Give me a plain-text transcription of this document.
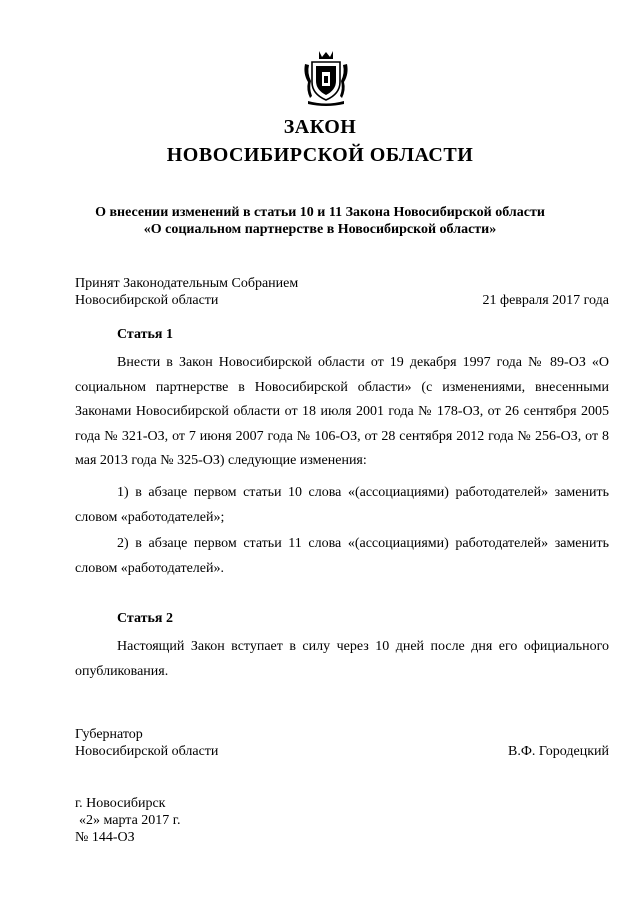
ЗАКОН
НОВОСИБИРСКОЙ ОБЛАСТИ
О внесении изменений в статьи 10 и 11 Закона Новосибирской области
«О социальном партнерстве в Новосибирской области»
Принят Законодательным Собранием
Новосибирской области	21 февраля 2017 года
Статья 1
Внести в Закон Новосибирской области от 19 декабря 1997 года № 89-ОЗ «О социальном партнерстве в Новосибирской области» (с изменениями, внесенными Законами Новосибирской области от 18 июля 2001 года № 178-ОЗ, от 26 сентября 2005 года № 321-ОЗ, от 7 июня 2007 года № 106-ОЗ, от 28 сентября 2012 года № 256-ОЗ, от 8 мая 2013 года № 325-ОЗ) следующие изменения:
1) в абзаце первом статьи 10 слова «(ассоциациями) работодателей» заменить словом «работодателей»;
2) в абзаце первом статьи 11 слова «(ассоциациями) работодателей» заменить словом «работодателей».
Статья 2
Настоящий Закон вступает в силу через 10 дней после дня его официального опубликования.
Губернатор
Новосибирской области	В.Ф. Городецкий
г. Новосибирск
«2» марта 2017 г.
№ 144-ОЗ
